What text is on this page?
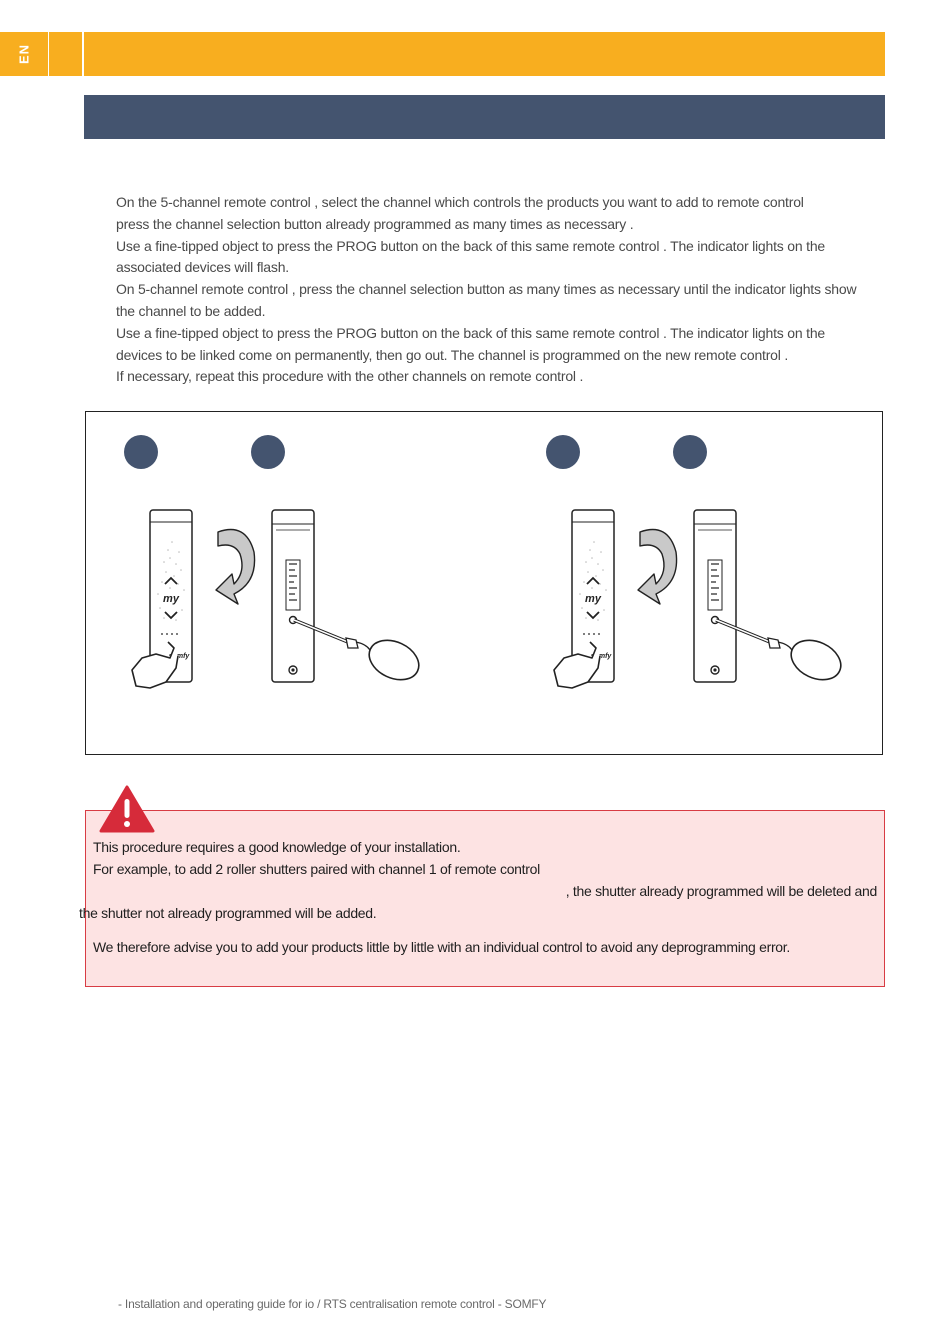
EN

On the 5-channel remote control , select the channel which controls the products you want to add to remote control

press the channel selection button already programmed as many times as necessary .

Use a fine-tipped object to press the PROG button on the back of this same remote control . The indicator lights on the

associated devices will flash.

On 5-channel remote control , press the channel selection button as many times as necessary until the indicator lights show

the channel to be added.

Use a fine-tipped object to press the PROG button on the back of this same remote control . The indicator lights on the

devices to be linked come on permanently, then go out. The channel is programmed on the new remote control .

If necessary, repeat this procedure with the other channels on remote control .

This procedure requires a good knowledge of your installation.

For example, to add 2 roller shutters paired with channel 1 of remote control

, the shutter already programmed will be deleted and

the shutter not already programmed will be added.

We therefore advise you to add your products little by little with an individual control to avoid any deprogramming error.

- Installation and operating guide for io / RTS centralisation remote control - SOMFY
